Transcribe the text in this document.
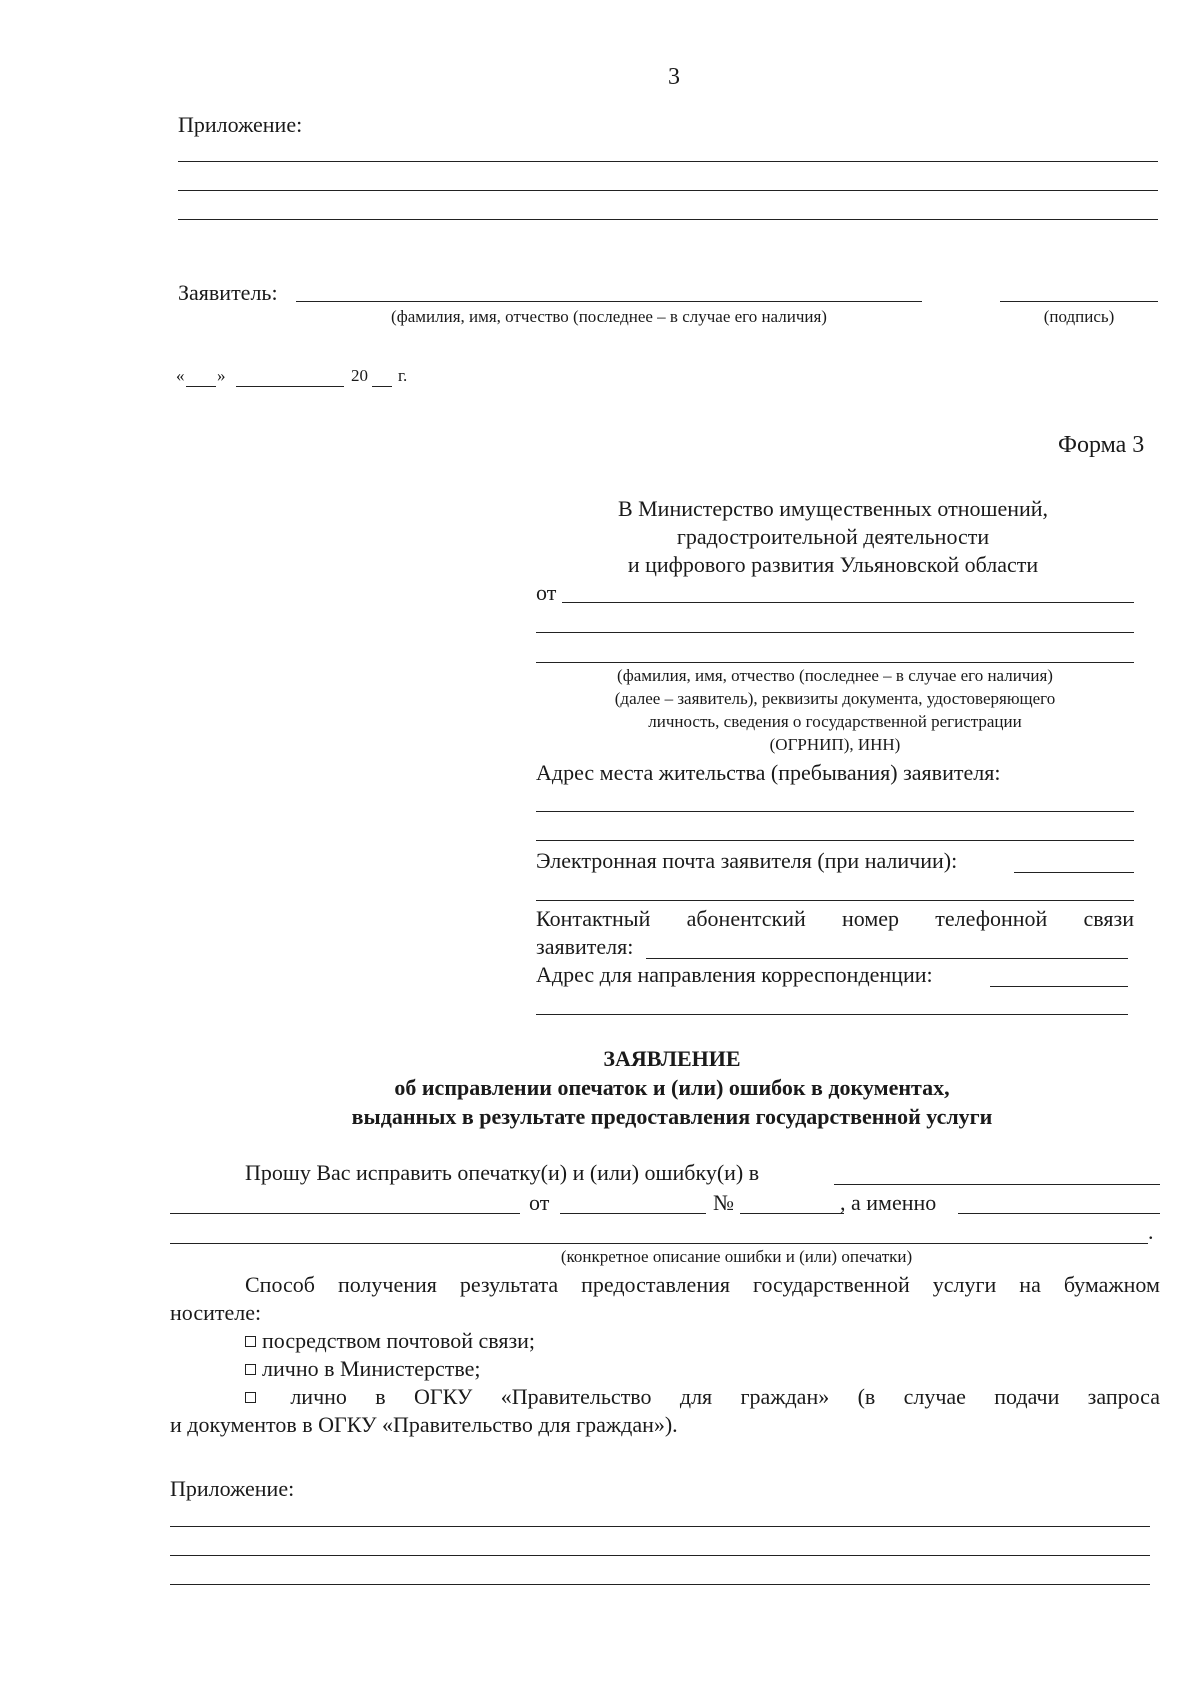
3
Приложение:
Заявитель:
(фамилия, имя, отчество (последнее – в случае его наличия)	(подпись)
« »	20 г.
Форма 3
В Министерство имущественных отношений,
градостроительной деятельности
и цифрового развития Ульяновской области
от
(фамилия, имя, отчество (последнее – в случае его наличия)
(далее – заявитель), реквизиты документа, удостоверяющего
личность, сведения о государственной регистрации
(ОГРНИП), ИНН)
Адрес места жительства (пребывания) заявителя:
Электронная почта заявителя (при наличии):
Контактный абонентский номер телефонной связи
заявителя:
Адрес для направления корреспонденции:
ЗАЯВЛЕНИЕ
об исправлении опечаток и (или) ошибок в документах,
выданных в результате предоставления государственной услуги
Прошу Вас исправить опечатку(и) и (или) ошибку(и) в
от	№	, а именно
.
(конкретное описание ошибки и (или) опечатки)
Способ получения результата предоставления государственной услуги на бумажном
носителе:
посредством почтовой связи;
лично в Министерстве;
лично в ОГКУ «Правительство для граждан» (в случае подачи запроса
и документов в ОГКУ «Правительство для граждан»).
Приложение:
